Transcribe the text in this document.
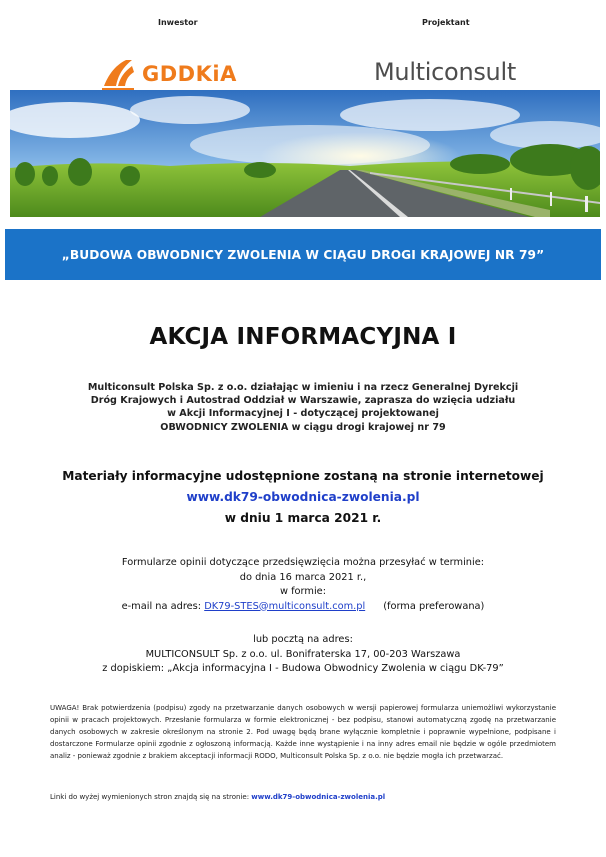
Inwestor	Projektant
GDDKiA	Multiconsult
„BUDOWA OBWODNICY ZWOLENIA W CIĄGU DROGI KRAJOWEJ NR 79”
AKCJA INFORMACYJNA I
Multiconsult Polska Sp. z o.o. działając w imieniu i na rzecz Generalnej Dyrekcji
Dróg Krajowych i Autostrad Oddział w Warszawie, zaprasza do wzięcia udziału
w Akcji Informacyjnej I - dotyczącej projektowanej
OBWODNICY ZWOLENIA w ciągu drogi krajowej nr 79
Materiały informacyjne udostępnione zostaną na stronie internetowej
www.dk79-obwodnica-zwolenia.pl
w dniu 1 marca 2021 r.
Formularze opinii dotyczące przedsięwzięcia można przesyłać w terminie:
do dnia 16 marca 2021 r.,
w formie:
e-mail na adres: DK79-STES@multiconsult.com.pl (forma preferowana)
lub pocztą na adres:
MULTICONSULT Sp. z o.o. ul. Bonifraterska 17, 00-203 Warszawa
z dopiskiem: „Akcja informacyjna I - Budowa Obwodnicy Zwolenia w ciągu DK-79”
UWAGA! Brak potwierdzenia (podpisu) zgody na przetwarzanie danych osobowych w wersji papierowej formularza uniemożliwi wykorzystanie opinii w pracach projektowych. Przesłanie formularza w formie elektronicznej - bez podpisu, stanowi automatyczną zgodę na przetwarzanie danych osobowych w zakresie określonym na stronie 2. Pod uwagę będą brane wyłącznie kompletnie i poprawnie wypełnione, podpisane i dostarczone Formularze opinii zgodnie z ogłoszoną informacją. Każde inne wystąpienie i na inny adres email nie będzie w ogóle przedmiotem analiz - ponieważ zgodnie z brakiem akceptacji informacji RODO, Multiconsult Polska Sp. z o.o. nie będzie mogła ich przetwarzać.
Linki do wyżej wymienionych stron znajdą się na stronie: www.dk79-obwodnica-zwolenia.pl
